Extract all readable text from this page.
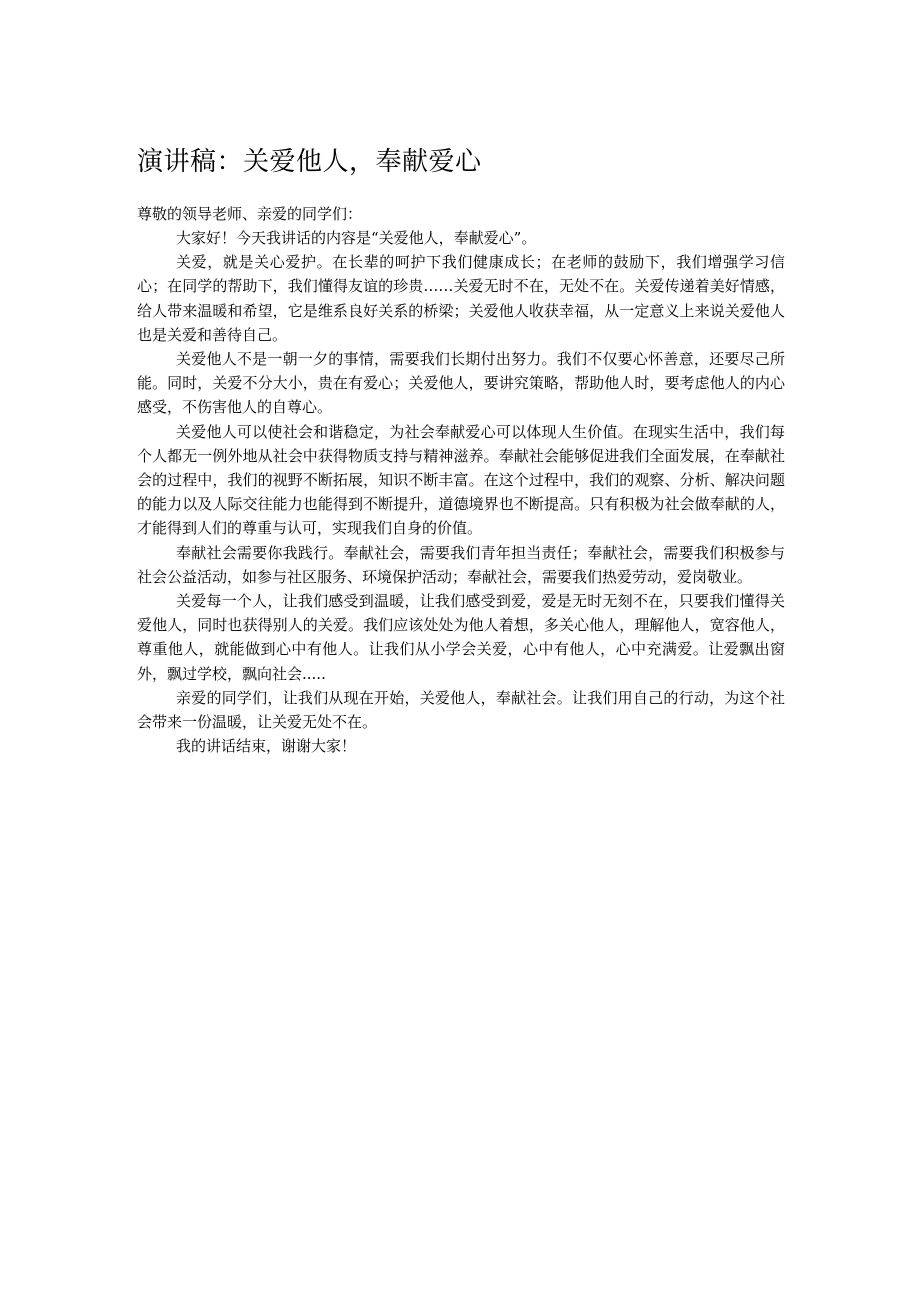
演讲稿：关爱他人，奉献爱心

尊敬的领导老师、亲爱的同学们：

大家好！今天我讲话的内容是“关爱他人，奉献爱心”。

关爱，就是关心爱护。在长辈的呵护下我们健康成长；在老师的鼓励下，我们增强学习信心；在同学的帮助下，我们懂得友谊的珍贵……关爱无时不在，无处不在。关爱传递着美好情感，给人带来温暖和希望，它是维系良好关系的桥梁；关爱他人收获幸福，从一定意义上来说关爱他人也是关爱和善待自己。

关爱他人不是一朝一夕的事情，需要我们长期付出努力。我们不仅要心怀善意，还要尽己所能。同时，关爱不分大小，贵在有爱心；关爱他人，要讲究策略，帮助他人时，要考虑他人的内心感受，不伤害他人的自尊心。

关爱他人可以使社会和谐稳定，为社会奉献爱心可以体现人生价值。在现实生活中，我们每个人都无一例外地从社会中获得物质支持与精神滋养。奉献社会能够促进我们全面发展，在奉献社会的过程中，我们的视野不断拓展，知识不断丰富。在这个过程中，我们的观察、分析、解决问题的能力以及人际交往能力也能得到不断提升，道德境界也不断提高。只有积极为社会做奉献的人，才能得到人们的尊重与认可，实现我们自身的价值。

奉献社会需要你我践行。奉献社会，需要我们青年担当责任；奉献社会，需要我们积极参与社会公益活动，如参与社区服务、环境保护活动；奉献社会，需要我们热爱劳动，爱岗敬业。

关爱每一个人，让我们感受到温暖，让我们感受到爱，爱是无时无刻不在，只要我们懂得关爱他人，同时也获得别人的关爱。我们应该处处为他人着想，多关心他人，理解他人，宽容他人，尊重他人，就能做到心中有他人。让我们从小学会关爱，心中有他人，心中充满爱。让爱飘出窗外，飘过学校，飘向社会.....

亲爱的同学们，让我们从现在开始，关爱他人，奉献社会。让我们用自己的行动，为这个社会带来一份温暖，让关爱无处不在。

我的讲话结束，谢谢大家！
